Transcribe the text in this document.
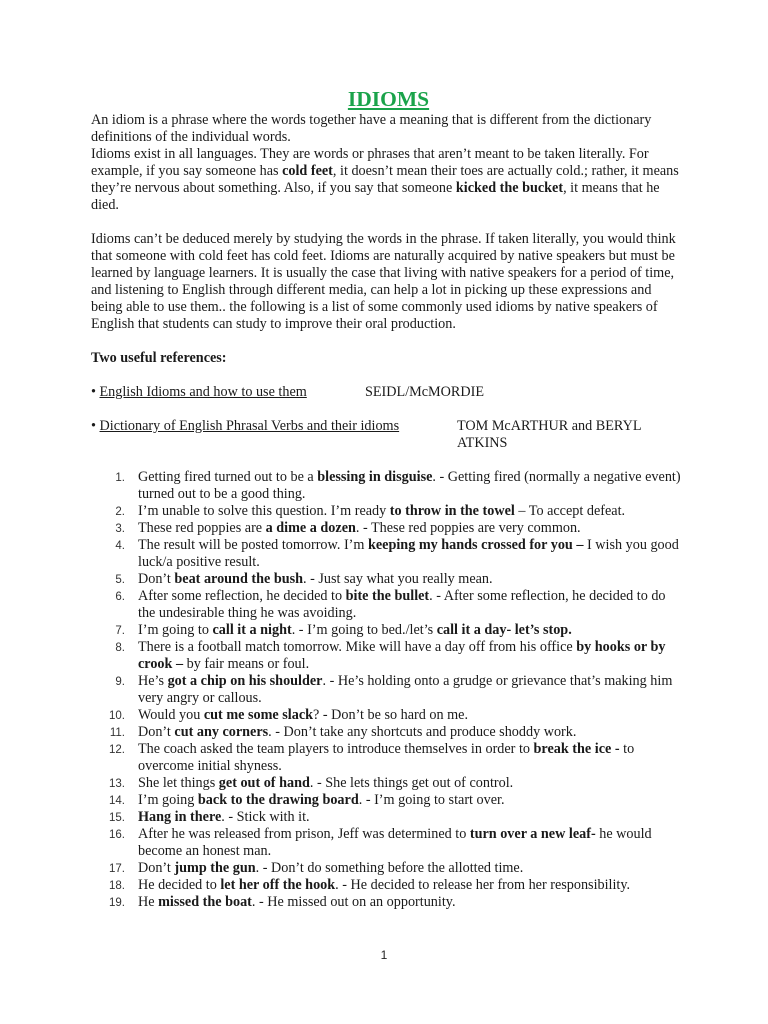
IDIOMS

An idiom is a phrase where the words together have a meaning that is different from the dictionary definitions of the individual words.

Idioms exist in all languages. They are words or phrases that aren’t meant to be taken literally. For example, if you say someone has cold feet, it doesn’t mean their toes are actually cold.; rather, it means they’re nervous about something. Also, if you say that someone kicked the bucket, it means that he died.

Idioms can’t be deduced merely by studying the words in the phrase. If taken literally, you would think that someone with cold feet has cold feet. Idioms are naturally acquired by native speakers but must be learned by language learners. It is usually the case that living with native speakers for a period of time, and listening to English through different media, can help a lot in picking up these expressions and being able to use them.. the following is a list of some commonly used idioms by native speakers of English that students can study to improve their oral production.

Two useful references:

• English Idioms and how to use them	SEIDL/McMORDIE
• Dictionary of English Phrasal Verbs and their idioms	TOM McARTHUR and BERYL ATKINS
1. Getting fired turned out to be a blessing in disguise. - Getting fired (normally a negative event) turned out to be a good thing.
2. I’m unable to solve this question. I’m ready to throw in the towel – To accept defeat.
3. These red poppies are a dime a dozen. - These red poppies are very common.
4. The result will be posted tomorrow. I’m keeping my hands crossed for you – I wish you good luck/a positive result.
5. Don’t beat around the bush. - Just say what you really mean.
6. After some reflection, he decided to bite the bullet. - After some reflection, he decided to do the undesirable thing he was avoiding.
7. I’m going to call it a night. - I’m going to bed./let’s call it a day- let’s stop.
8. There is a football match tomorrow. Mike will have a day off from his office by hooks or by crook – by fair means or foul.
9. He’s got a chip on his shoulder. - He’s holding onto a grudge or grievance that’s making him very angry or callous.
10. Would you cut me some slack? - Don’t be so hard on me.
11. Don’t cut any corners. - Don’t take any shortcuts and produce shoddy work.
12. The coach asked the team players to introduce themselves in order to break the ice - to overcome initial shyness.
13. She let things get out of hand. - She lets things get out of control.
14. I’m going back to the drawing board. - I’m going to start over.
15. Hang in there. - Stick with it.
16. After he was released from prison, Jeff was determined to turn over a new leaf- he would become an honest man.
17. Don’t jump the gun. - Don’t do something before the allotted time.
18. He decided to let her off the hook. - He decided to release her from her responsibility.
19. He missed the boat. - He missed out on an opportunity.
1
